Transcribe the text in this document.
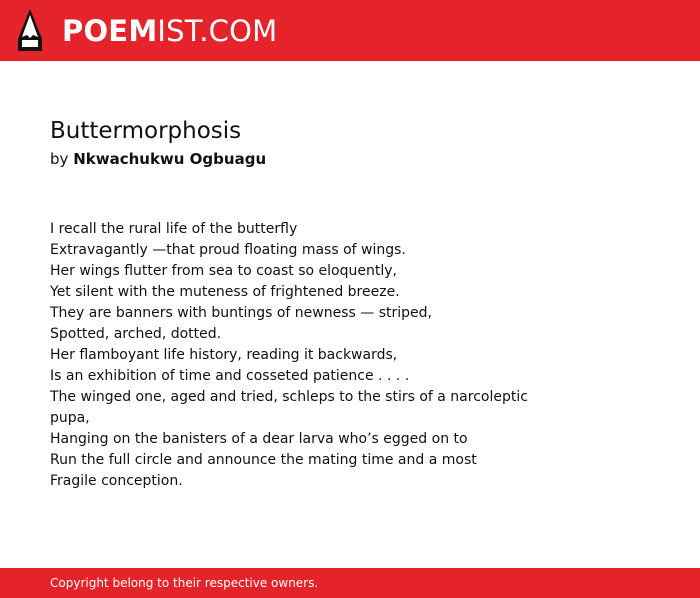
POEMIST.COM
Buttermorphosis
by Nkwachukwu Ogbuagu
I recall the rural life of the butterfly
Extravagantly —that proud floating mass of wings.
Her wings flutter from sea to coast so eloquently,
Yet silent with the muteness of frightened breeze.
They are banners with buntings of newness — striped,
Spotted, arched, dotted.
Her flamboyant life history, reading it backwards,
Is an exhibition of time and cosseted patience . . . .
The winged one, aged and tried, schleps to the stirs of a narcoleptic
pupa,
Hanging on the banisters of a dear larva who’s egged on to
Run the full circle and announce the mating time and a most
Fragile conception.
Copyright belong to their respective owners.
